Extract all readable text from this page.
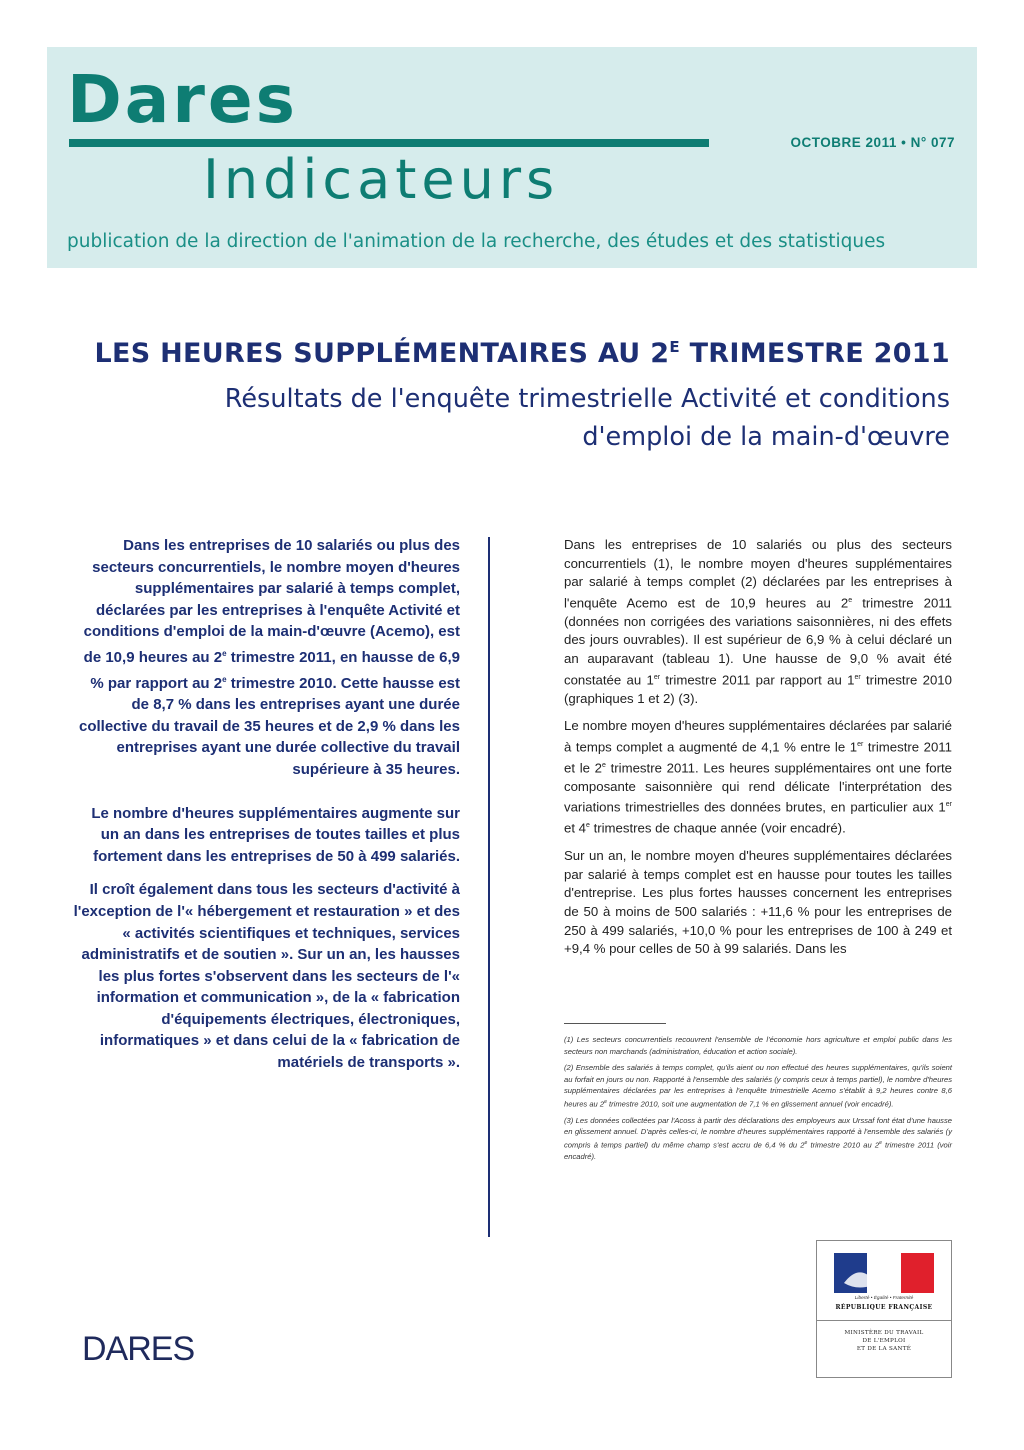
Dares
Indicateurs
OCTOBRE 2011 • N° 077
publication de la direction de l'animation de la recherche, des études et des statistiques
LES HEURES SUPPLÉMENTAIRES AU $2^E$ TRIMESTRE 2011
Résultats de l'enquête trimestrielle Activité et conditions
d'emploi de la main-d'œuvre

Dans les entreprises de 10 salariés ou plus des secteurs concurrentiels, le nombre moyen d'heures supplémentaires par salarié à temps complet, déclarées par les entreprises à l'enquête Activité et conditions d'emploi de la main-d'œuvre (Acemo), est de 10,9 heures au 2e trimestre 2011, en hausse de 6,9 % par rapport au 2e trimestre 2010. Cette hausse est de 8,7 % dans les entreprises ayant une durée collective du travail de 35 heures et de 2,9 % dans les entreprises ayant une durée collective du travail supérieure à 35 heures.

Le nombre d'heures supplémentaires augmente sur un an dans les entreprises de toutes tailles et plus fortement dans les entreprises de 50 à 499 salariés.

Il croît également dans tous les secteurs d'activité à l'exception de l'« hébergement et restauration » et des « activités scientifiques et techniques, services administratifs et de soutien ». Sur un an, les hausses les plus fortes s'observent dans les secteurs de l'« information et communication », de la « fabrication d'équipements électriques, électroniques, informatiques » et dans celui de la « fabrication de matériels de transports ».

Dans les entreprises de 10 salariés ou plus des secteurs concurrentiels (1), le nombre moyen d'heures supplémentaires par salarié à temps complet (2) déclarées par les entreprises à l'enquête Acemo est de 10,9 heures au 2e trimestre 2011 (données non corrigées des variations saisonnières, ni des effets des jours ouvrables). Il est supérieur de 6,9 % à celui déclaré un an auparavant (tableau 1). Une hausse de 9,0 % avait été constatée au 1er trimestre 2011 par rapport au 1er trimestre 2010 (graphiques 1 et 2) (3).

Le nombre moyen d'heures supplémentaires déclarées par salarié à temps complet a augmenté de 4,1 % entre le 1er trimestre 2011 et le 2e trimestre 2011. Les heures supplémentaires ont une forte composante saisonnière qui rend délicate l'interprétation des variations trimestrielles des données brutes, en particulier aux 1er et 4e trimestres de chaque année (voir encadré).

Sur un an, le nombre moyen d'heures supplémentaires déclarées par salarié à temps complet est en hausse pour toutes les tailles d'entreprise. Les plus fortes hausses concernent les entreprises de 50 à moins de 500 salariés : +11,6 % pour les entreprises de 250 à 499 salariés, +10,0 % pour les entreprises de 100 à 249 et +9,4 % pour celles de 50 à 99 salariés. Dans les

(1) Les secteurs concurrentiels recouvrent l'ensemble de l'économie hors agriculture et emploi public dans les secteurs non marchands (administration, éducation et action sociale).

(2) Ensemble des salariés à temps complet, qu'ils aient ou non effectué des heures supplémentaires, qu'ils soient au forfait en jours ou non. Rapporté à l'ensemble des salariés (y compris ceux à temps partiel), le nombre d'heures supplémentaires déclarées par les entreprises à l'enquête trimestrielle Acemo s'établit à 9,2 heures contre 8,6 heures au 2e trimestre 2010, soit une augmentation de 7,1 % en glissement annuel (voir encadré).

(3) Les données collectées par l'Acoss à partir des déclarations des employeurs aux Urssaf font état d'une hausse en glissement annuel. D'après celles-ci, le nombre d'heures supplémentaires rapporté à l'ensemble des salariés (y compris à temps partiel) du même champ s'est accru de 6,4 % du 2e trimestre 2010 au 2e trimestre 2011 (voir encadré).

DARES
Liberté • Égalité • Fraternité
RÉPUBLIQUE FRANÇAISE
MINISTÈRE DU TRAVAIL
DE L'EMPLOI
ET DE LA SANTÉ
